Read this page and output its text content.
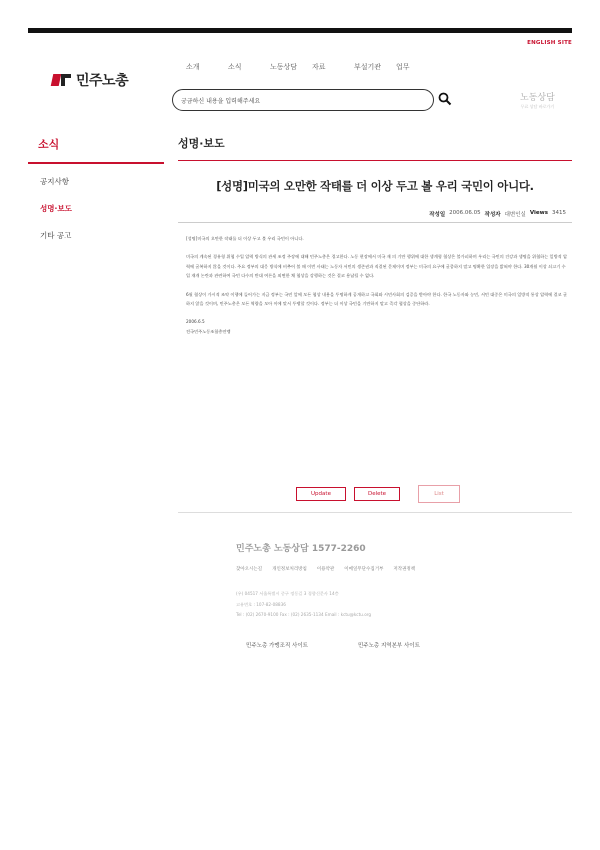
ENGLISH SITE
민주노총
소개	소식	노동상담	자료	부설기관	업무
궁금하신 내용을 입력해주세요	노동상담
무료 상담 바로가기
소식
공지사항
성명·보도
기타 공고
성명·보도
[성명]미국의 오만한 작태를 더 이상 두고 볼 우리 국민이 아니다.
작성일 2006.06.05 작성자 대변인실 Views 3415

[성명]미국의 오만한 작태를 더 이상 두고 볼 우리 국민이 아니다.

미국의 계속된 경유형 위협 수입 압력 방식의 관세 조정 주장에 대해 민주노총은 경고한다. 노동 현장에서 미국 재 의 기만 행위에 대한 생계형 협상은 불가피하며 우리는 국민의 건강과 생명을 위협하는 일방적 압력에 굴복하지 않을 것이다. 주요 정부의 대응 방식에 비추어 볼 때 이번 사태는 노동자 서민의 생존권과 직결된 문제이며 정부는 미국의 요구에 굴종하지 말고 명확한 입장을 밝혀야 한다. 30개월 이상 쇠고기 수입 재개 논란과 관련하여 국민 다수의 반대 여론을 외면한 채 협상을 강행하는 것은 결코 용납될 수 없다.

6월 협상이 가시적 조약 이행에 들어가는 지금 정부는 국민 앞에 모든 협상 내용을 투명하게 공개하고 국회와 시민사회의 검증을 받아야 한다. 한국 노동자와 농민, 서민 대중은 미국의 일방적 통상 압력에 결코 굴하지 않을 것이며, 민주노총은 모든 역량을 모아 이에 맞서 투쟁할 것이다. 정부는 더 이상 국민을 기만하지 말고 즉각 협상을 중단하라.

2006.6.5

전국민주노동조합총연맹

Update	Delete	List
민주노총 노동상담 1577-2260
찾아오시는길 개인정보처리방침 이용약관 이메일무단수집거부 저작권정책
(우) 04517 서울특별시 중구 정동길 3 경향신문사 14층
고유번호 : 107-82-08836
Tel : (02) 2670-9100 Fax : (02) 2635-1134 Email : kctu@kctu.org
민주노총 가맹조직 사이트	민주노총 지역본부 사이트
